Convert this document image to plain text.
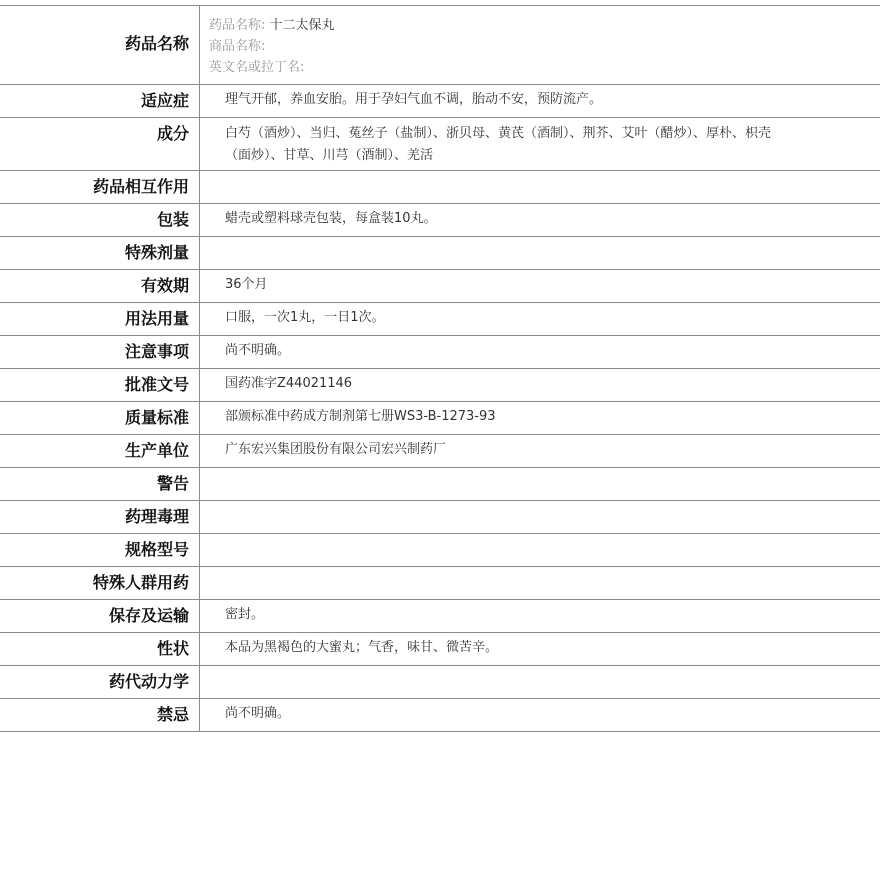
药品名称
药品名称: 十二太保丸
商品名称:
英文名或拉丁名:
适应症	理气开郁，养血安胎。用于孕妇气血不调，胎动不安，预防流产。
成分	白芍（酒炒）、当归、菟丝子（盐制）、浙贝母、黄芪（酒制）、荆芥、艾叶（醋炒）、厚朴、枳壳（面炒）、甘草、川芎（酒制）、羌活
药品相互作用
包装	蜡壳或塑料球壳包装，每盒装10丸。
特殊剂量
有效期	36个月
用法用量	口服，一次1丸，一日1次。
注意事项	尚不明确。
批准文号	国药准字Z44021146
质量标准	部颁标准中药成方制剂第七册WS3-B-1273-93
生产单位	广东宏兴集团股份有限公司宏兴制药厂
警告
药理毒理
规格型号
特殊人群用药
保存及运输	密封。
性状	本品为黑褐色的大蜜丸；气香，味甘、微苦辛。
药代动力学
禁忌	尚不明确。
